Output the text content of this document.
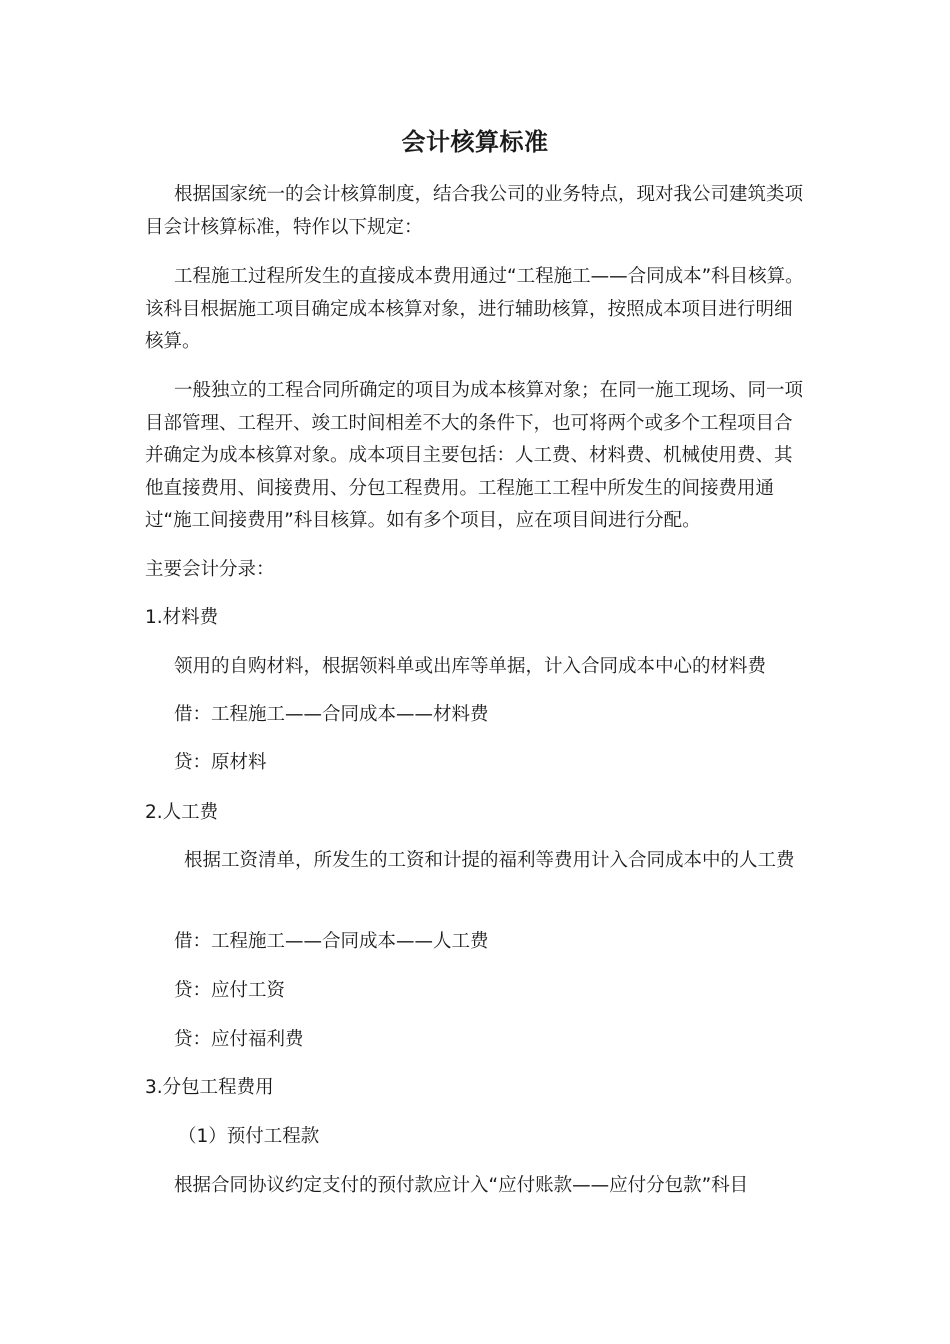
会计核算标准

根据国家统一的会计核算制度，结合我公司的业务特点，现对我公司建筑类项目会计核算标准，特作以下规定：

工程施工过程所发生的直接成本费用通过“工程施工——合同成本”科目核算。该科目根据施工项目确定成本核算对象，进行辅助核算，按照成本项目进行明细核算。

一般独立的工程合同所确定的项目为成本核算对象；在同一施工现场、同一项目部管理、工程开、竣工时间相差不大的条件下，也可将两个或多个工程项目合并确定为成本核算对象。成本项目主要包括：人工费、材料费、机械使用费、其他直接费用、间接费用、分包工程费用。工程施工工程中所发生的间接费用通过“施工间接费用”科目核算。如有多个项目，应在项目间进行分配。

主要会计分录：

1.材料费

领用的自购材料，根据领料单或出库等单据，计入合同成本中心的材料费

借：工程施工——合同成本——材料费

贷：原材料

2.人工费

根据工资清单，所发生的工资和计提的福利等费用计入合同成本中的人工费

借：工程施工——合同成本——人工费

贷：应付工资

贷：应付福利费

3.分包工程费用

（1）预付工程款

根据合同协议约定支付的预付款应计入“应付账款——应付分包款”科目
